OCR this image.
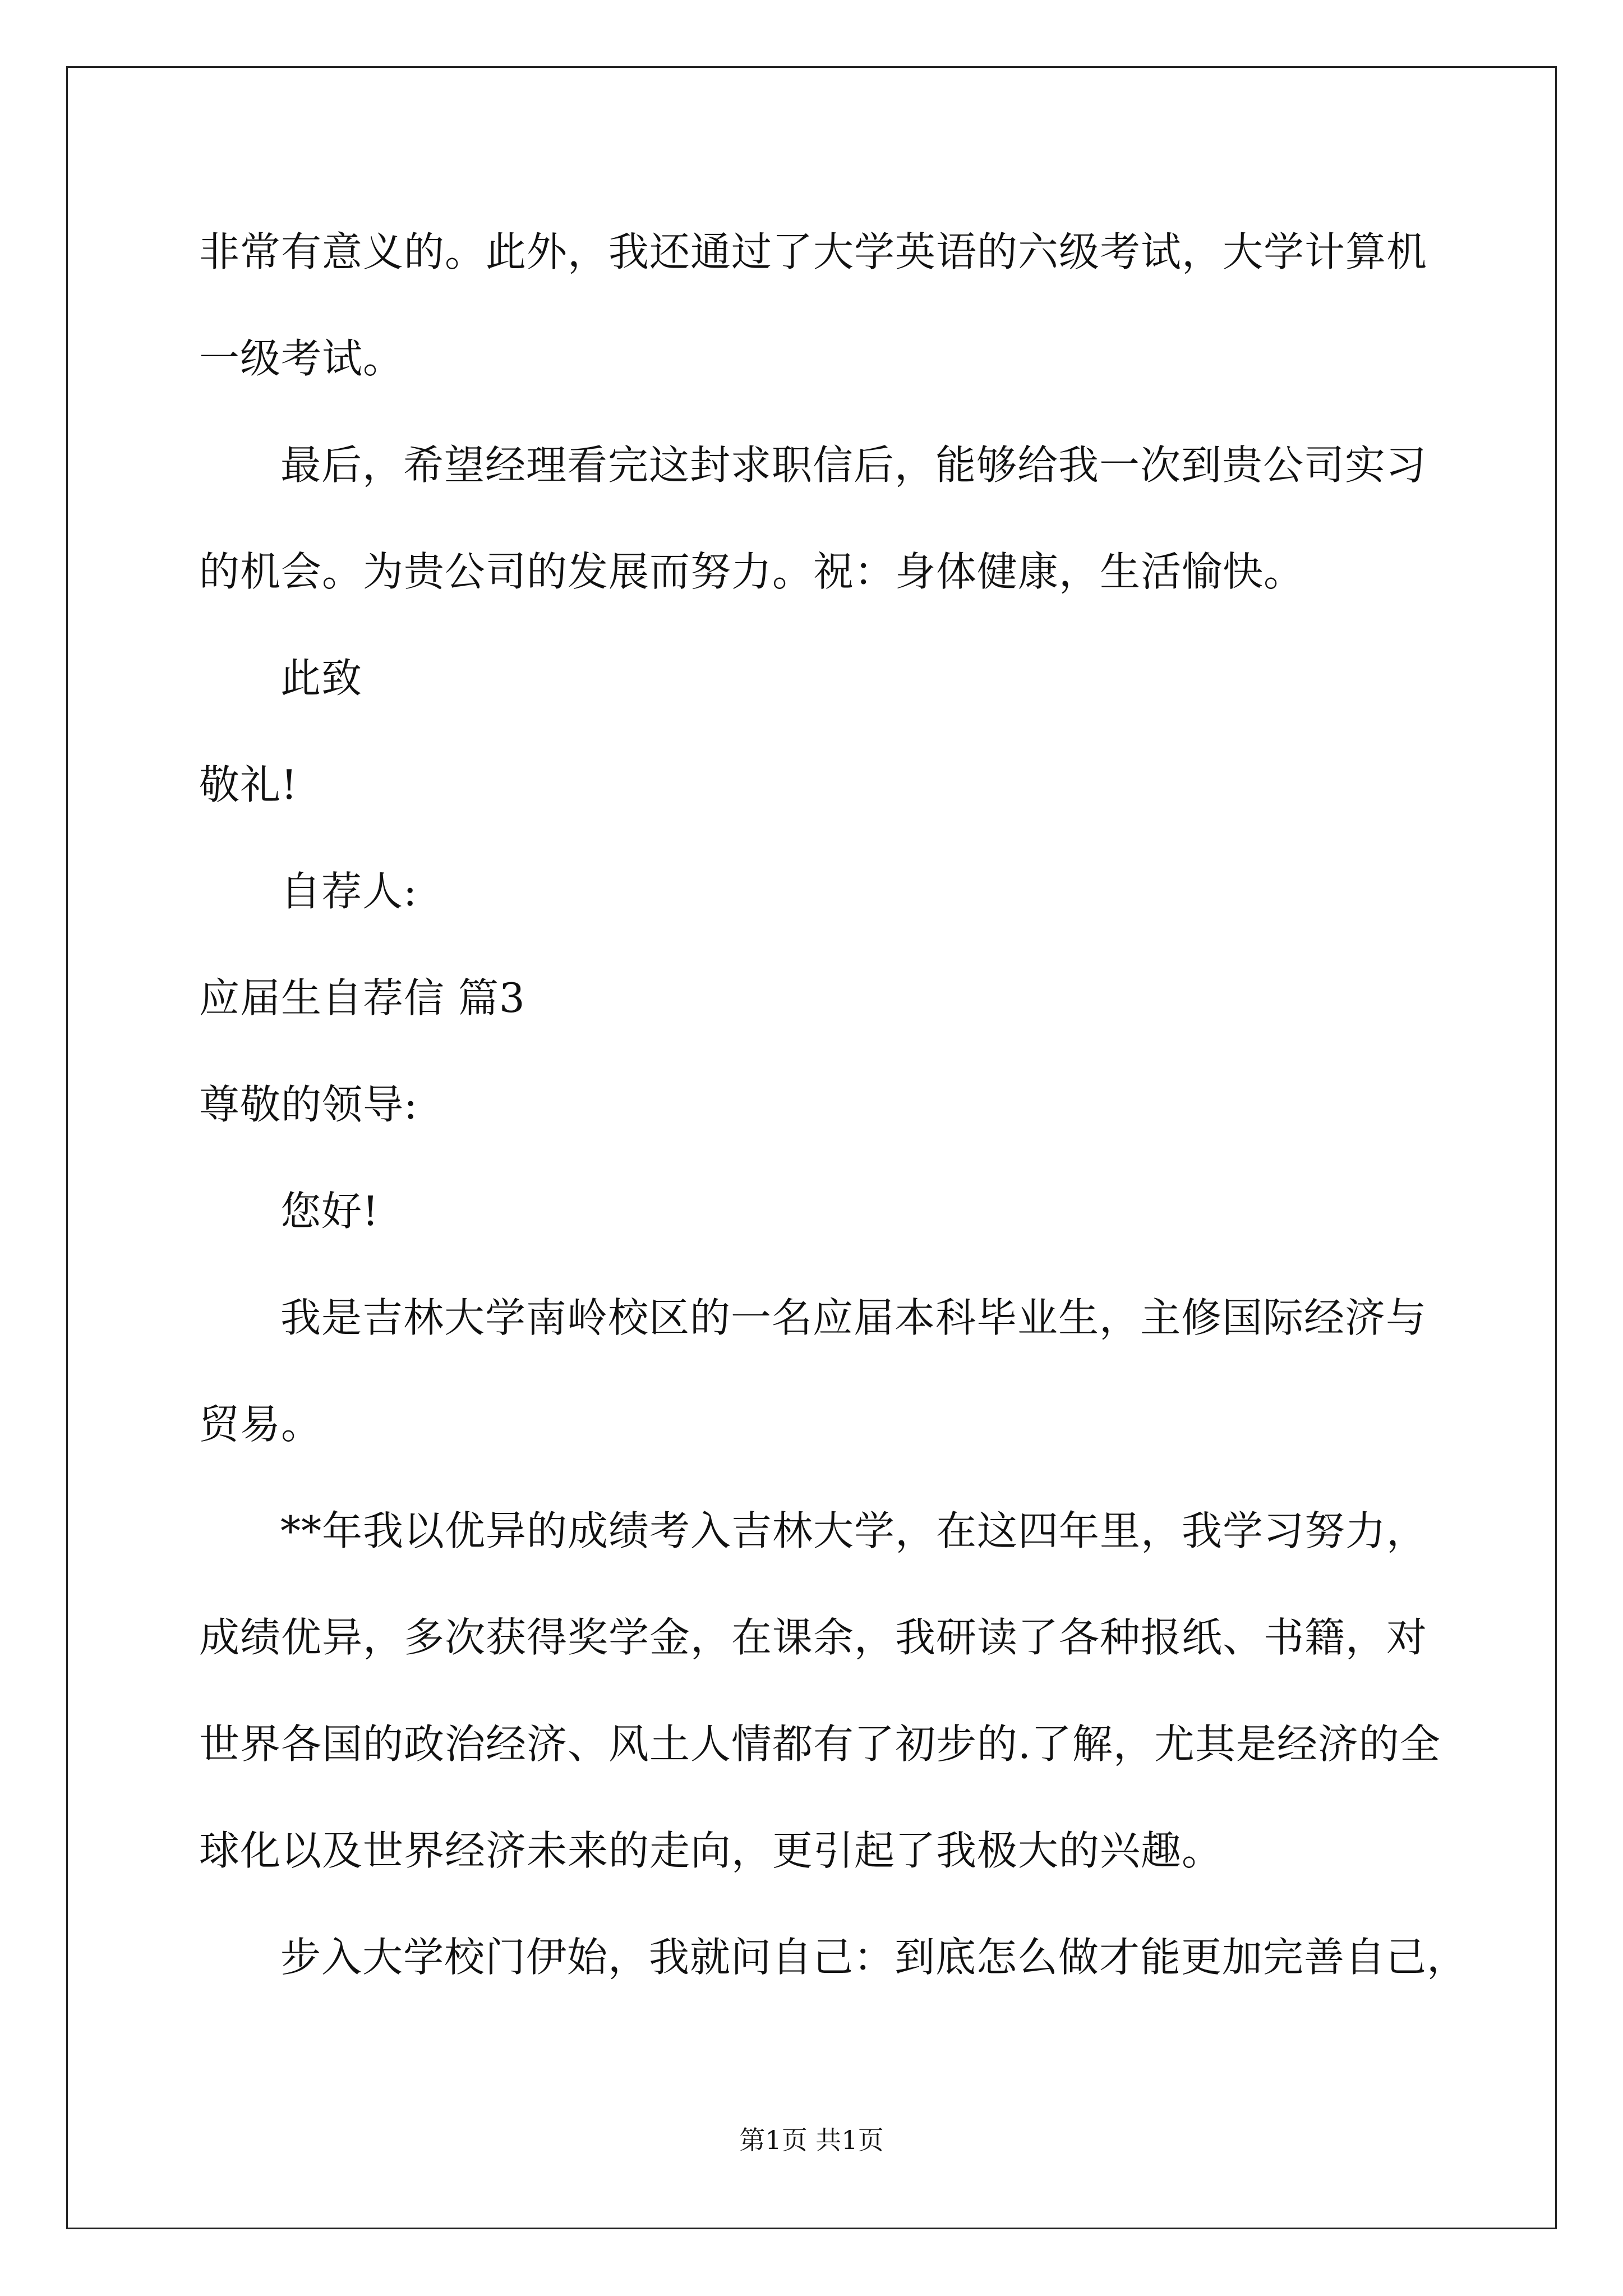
非常有意义的。此外，我还通过了大学英语的六级考试，大学计算机
一级考试。
最后，希望经理看完这封求职信后，能够给我一次到贵公司实习
的机会。为贵公司的发展而努力。祝：身体健康，生活愉快。
此致
敬礼!
自荐人:
应届生自荐信 篇3
尊敬的领导:
您好!
我是吉林大学南岭校区的一名应届本科毕业生，主修国际经济与
贸易。
**年我以优异的成绩考入吉林大学，在这四年里，我学习努力，
成绩优异，多次获得奖学金，在课余，我研读了各种报纸、书籍，对
世界各国的政治经济、风土人情都有了初步的.了解，尤其是经济的全
球化以及世界经济未来的走向，更引起了我极大的兴趣。
步入大学校门伊始，我就问自己：到底怎么做才能更加完善自己，
第1页 共1页
